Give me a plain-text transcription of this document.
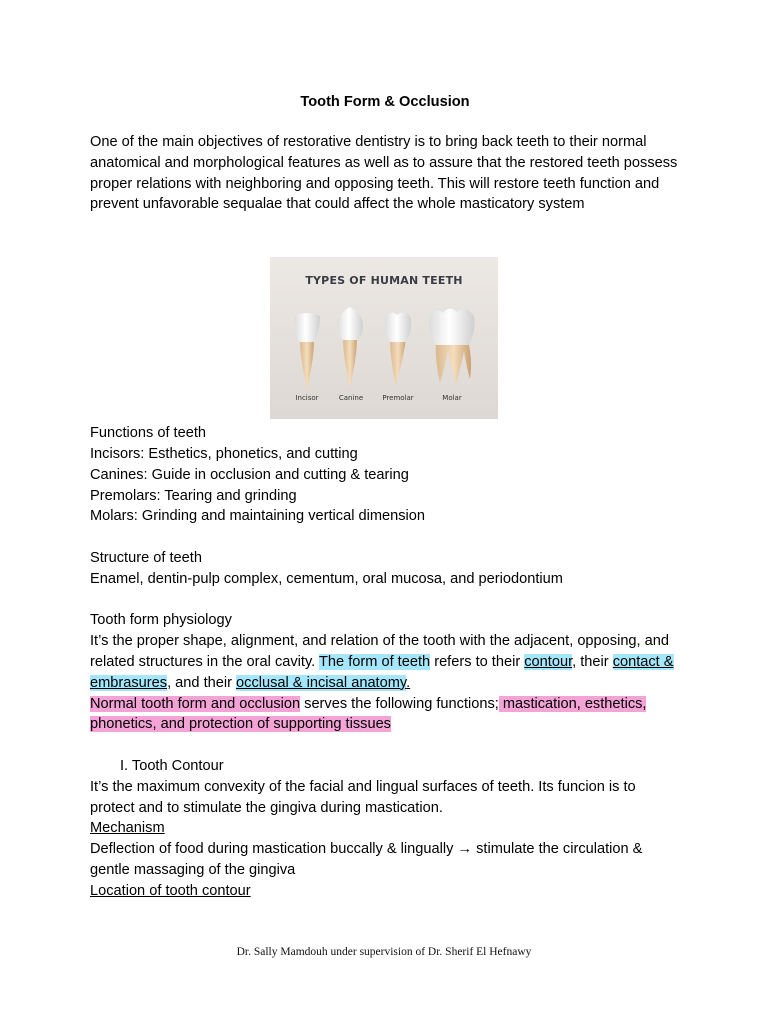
Tooth Form & Occlusion

One of the main objectives of restorative dentistry is to bring back teeth to their normal anatomical and morphological features as well as to assure that the restored teeth possess proper relations with neighboring and opposing teeth. This will restore teeth function and prevent unfavorable sequalae that could affect the whole masticatory system

Functions of teeth

Incisors: Esthetics, phonetics, and cutting

Canines: Guide in occlusion and cutting & tearing

Premolars: Tearing and grinding

Molars: Grinding and maintaining vertical dimension

Structure of teeth

Enamel, dentin-pulp complex, cementum, oral mucosa, and periodontium

Tooth form physiology

It’s the proper shape, alignment, and relation of the tooth with the adjacent, opposing, and related structures in the oral cavity. The form of teeth refers to their contour, their contact & embrasures, and their occlusal & incisal anatomy.

Normal tooth form and occlusion serves the following functions; mastication, esthetics, phonetics, and protection of supporting tissues

I. Tooth Contour

It’s the maximum convexity of the facial and lingual surfaces of teeth. Its funcion is to protect and to stimulate the gingiva during mastication.

Mechanism

Deflection of food during mastication buccally & lingually → stimulate the circulation & gentle massaging of the gingiva

Location of tooth contour

TYPES OF HUMAN TEETH
Incisor	Canine	Premolar	Molar
Dr. Sally Mamdouh under supervision of Dr. Sherif El Hefnawy
